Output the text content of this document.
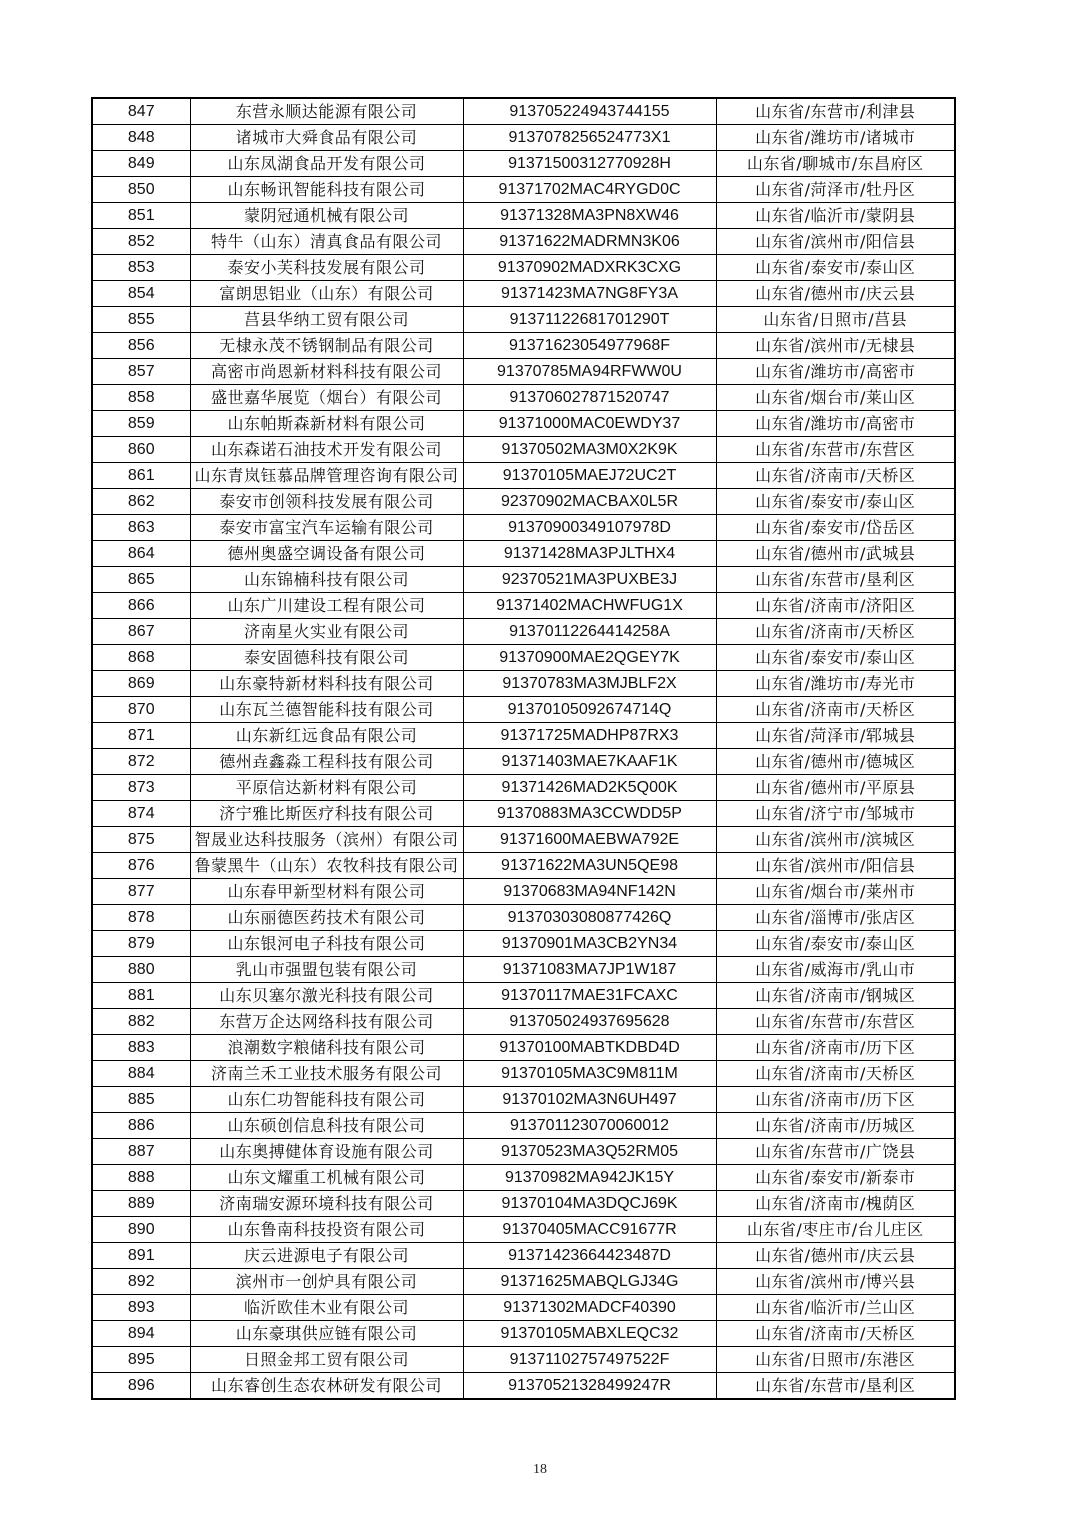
847	东营永顺达能源有限公司	913705224943744155	山东省/东营市/利津县
848	诸城市大舜食品有限公司	9137078256524773X1	山东省/潍坊市/诸城市
849	山东凤湖食品开发有限公司	91371500312770928H	山东省/聊城市/东昌府区
850	山东畅讯智能科技有限公司	91371702MAC4RYGD0C	山东省/菏泽市/牡丹区
851	蒙阴冠通机械有限公司	91371328MA3PN8XW46	山东省/临沂市/蒙阴县
852	特牛（山东）清真食品有限公司	91371622MADRMN3K06	山东省/滨州市/阳信县
853	泰安小芙科技发展有限公司	91370902MADXRK3CXG	山东省/泰安市/泰山区
854	富朗思铝业（山东）有限公司	91371423MA7NG8FY3A	山东省/德州市/庆云县
855	莒县华纳工贸有限公司	91371122681701290T	山东省/日照市/莒县
856	无棣永茂不锈钢制品有限公司	91371623054977968F	山东省/滨州市/无棣县
857	高密市尚恩新材料科技有限公司	91370785MA94RFWW0U	山东省/潍坊市/高密市
858	盛世嘉华展览（烟台）有限公司	913706027871520747	山东省/烟台市/莱山区
859	山东帕斯森新材料有限公司	91371000MAC0EWDY37	山东省/潍坊市/高密市
860	山东森诺石油技术开发有限公司	91370502MA3M0X2K9K	山东省/东营市/东营区
861	山东青岚钰慕品牌管理咨询有限公司	91370105MAEJ72UC2T	山东省/济南市/天桥区
862	泰安市创领科技发展有限公司	92370902MACBAX0L5R	山东省/泰安市/泰山区
863	泰安市富宝汽车运输有限公司	91370900349107978D	山东省/泰安市/岱岳区
864	德州奥盛空调设备有限公司	91371428MA3PJLTHX4	山东省/德州市/武城县
865	山东锦楠科技有限公司	92370521MA3PUXBE3J	山东省/东营市/垦利区
866	山东广川建设工程有限公司	91371402MACHWFUG1X	山东省/济南市/济阳区
867	济南星火实业有限公司	91370112264414258A	山东省/济南市/天桥区
868	泰安固德科技有限公司	91370900MAE2QGEY7K	山东省/泰安市/泰山区
869	山东豪特新材料科技有限公司	91370783MA3MJBLF2X	山东省/潍坊市/寿光市
870	山东瓦兰德智能科技有限公司	91370105092674714Q	山东省/济南市/天桥区
871	山东新红远食品有限公司	91371725MADHP87RX3	山东省/菏泽市/郓城县
872	德州垚鑫淼工程科技有限公司	91371403MAE7KAAF1K	山东省/德州市/德城区
873	平原信达新材料有限公司	91371426MAD2K5Q00K	山东省/德州市/平原县
874	济宁雅比斯医疗科技有限公司	91370883MA3CCWDD5P	山东省/济宁市/邹城市
875	智晟业达科技服务（滨州）有限公司	91371600MAEBWA792E	山东省/滨州市/滨城区
876	鲁蒙黑牛（山东）农牧科技有限公司	91371622MA3UN5QE98	山东省/滨州市/阳信县
877	山东春甲新型材料有限公司	91370683MA94NF142N	山东省/烟台市/莱州市
878	山东丽德医药技术有限公司	91370303080877426Q	山东省/淄博市/张店区
879	山东银河电子科技有限公司	91370901MA3CB2YN34	山东省/泰安市/泰山区
880	乳山市强盟包装有限公司	91371083MA7JP1W187	山东省/威海市/乳山市
881	山东贝塞尔激光科技有限公司	91370117MAE31FCAXC	山东省/济南市/钢城区
882	东营万企达网络科技有限公司	913705024937695628	山东省/东营市/东营区
883	浪潮数字粮储科技有限公司	91370100MABTKDBD4D	山东省/济南市/历下区
884	济南兰禾工业技术服务有限公司	91370105MA3C9M811M	山东省/济南市/天桥区
885	山东仁功智能科技有限公司	91370102MA3N6UH497	山东省/济南市/历下区
886	山东硕创信息科技有限公司	913701123070060012	山东省/济南市/历城区
887	山东奥搏健体育设施有限公司	91370523MA3Q52RM05	山东省/东营市/广饶县
888	山东文耀重工机械有限公司	91370982MA942JK15Y	山东省/泰安市/新泰市
889	济南瑞安源环境科技有限公司	91370104MA3DQCJ69K	山东省/济南市/槐荫区
890	山东鲁南科技投资有限公司	91370405MACC91677R	山东省/枣庄市/台儿庄区
891	庆云进源电子有限公司	91371423664423487D	山东省/德州市/庆云县
892	滨州市一创炉具有限公司	91371625MABQLGJ34G	山东省/滨州市/博兴县
893	临沂欧佳木业有限公司	91371302MADCF40390	山东省/临沂市/兰山区
894	山东豪琪供应链有限公司	91370105MABXLEQC32	山东省/济南市/天桥区
895	日照金邦工贸有限公司	91371102757497522F	山东省/日照市/东港区
896	山东睿创生态农林研发有限公司	91370521328499247R	山东省/东营市/垦利区
18
